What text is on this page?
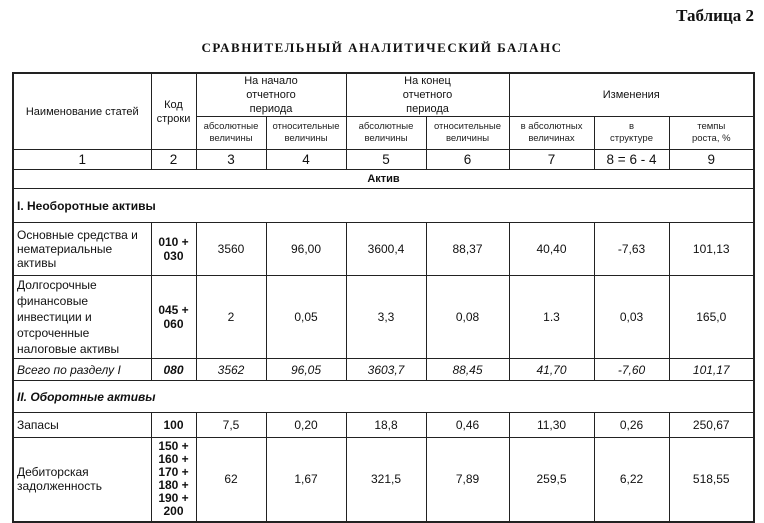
Таблица 2
СРАВНИТЕЛЬНЫЙ АНАЛИТИЧЕСКИЙ БАЛАНС
Наименование статей	Код строки	На начало отчетного периода		На конец отчетного периода		Изменения		
		абсолютные величины	относительные величины	абсолютные величины	относительные величины	в абсолютных величинах	в структуре	темпы роста, %
1	2	3	4	5	6	7	8 = 6 - 4	9
Актив								
I. Необоротные активы								
Основные средства и нематериальные активы	010 + 030	3560	96,00	3600,4	88,37	40,40	-7,63	101,13
Долгосрочные финансовые инвестиции и отсроченные налоговые активы	045 + 060	2	0,05	3,3	0,08	1.3	0,03	165,0
Всего по разделу I	080	3562	96,05	3603,7	88,45	41,70	-7,60	101,17
II. Оборотные активы								
Запасы	100	7,5	0,20	18,8	0,46	11,30	0,26	250,67
Дебиторская задолженность	150 + 160 + 170 + 180 + 190 + 200	62	1,67	321,5	7,89	259,5	6,22	518,55
